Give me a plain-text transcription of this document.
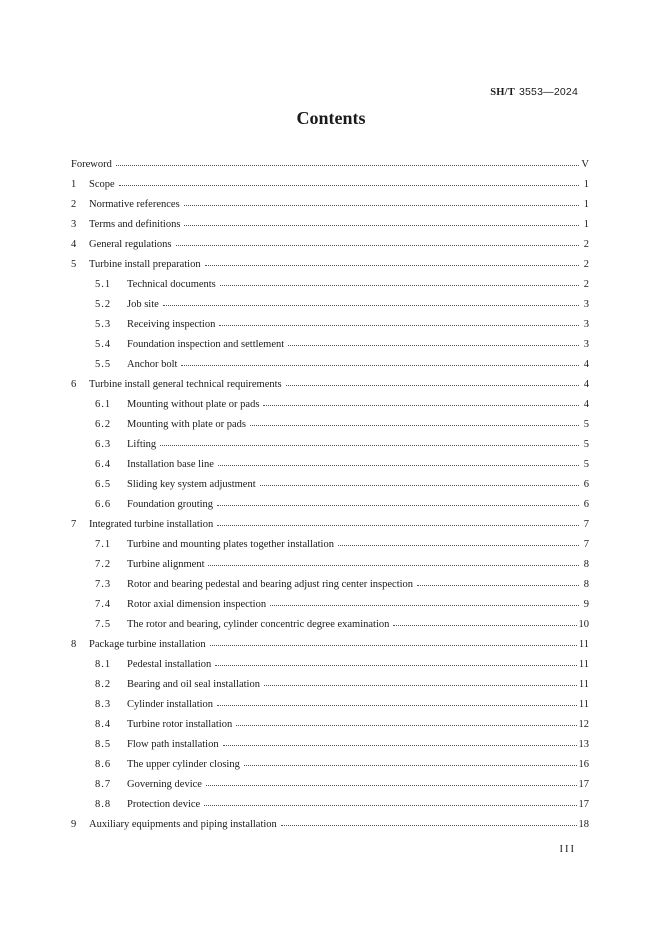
SH/T 3553—2024
Contents
Foreword	V
1	Scope	1
2	Normative references	1
3	Terms and definitions	1
4	General regulations	2
5	Turbine install preparation	2
5.1	Technical documents	2
5.2	Job site	3
5.3	Receiving inspection	3
5.4	Foundation inspection and settlement	3
5.5	Anchor bolt	4
6	Turbine install general technical requirements	4
6.1	Mounting without plate or pads	4
6.2	Mounting with plate or pads	5
6.3	Lifting	5
6.4	Installation base line	5
6.5	Sliding key system adjustment	6
6.6	Foundation grouting	6
7	Integrated turbine installation	7
7.1	Turbine and mounting plates together installation	7
7.2	Turbine alignment	8
7.3	Rotor and bearing pedestal and bearing adjust ring center inspection	8
7.4	Rotor axial dimension inspection	9
7.5	The rotor and bearing, cylinder concentric degree examination	10
8	Package turbine installation	11
8.1	Pedestal installation	11
8.2	Bearing and oil seal installation	11
8.3	Cylinder installation	11
8.4	Turbine rotor installation	12
8.5	Flow path installation	13
8.6	The upper cylinder closing	16
8.7	Governing device	17
8.8	Protection device	17
9	Auxiliary equipments and piping installation	18
III
